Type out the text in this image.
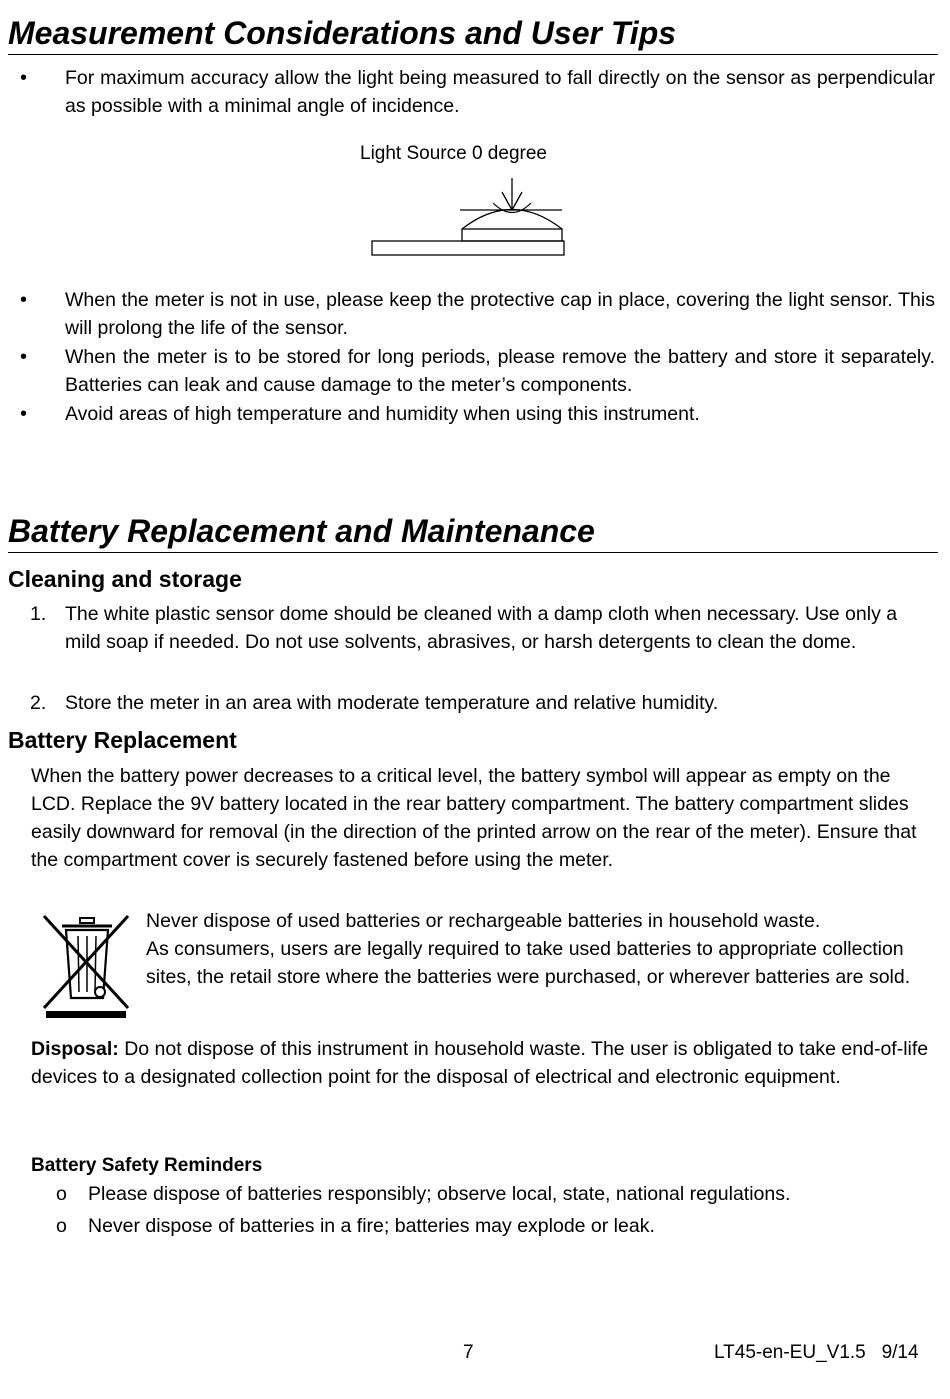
Measurement Considerations and User Tips
• For maximum accuracy allow the light being measured to fall directly on the sensor as perpendicular as possible with a minimal angle of incidence.
Light Source 0 degree
• When the meter is not in use, please keep the protective cap in place, covering the light sensor. This will prolong the life of the sensor.
• When the meter is to be stored for long periods, please remove the battery and store it separately. Batteries can leak and cause damage to the meter’s components.
• Avoid areas of high temperature and humidity when using this instrument.
Battery Replacement and Maintenance
Cleaning and storage
1. The white plastic sensor dome should be cleaned with a damp cloth when necessary. Use only a mild soap if needed. Do not use solvents, abrasives, or harsh detergents to clean the dome.
2. Store the meter in an area with moderate temperature and relative humidity.
Battery Replacement
When the battery power decreases to a critical level, the battery symbol will appear as empty on the LCD. Replace the 9V battery located in the rear battery compartment. The battery compartment slides easily downward for removal (in the direction of the printed arrow on the rear of the meter). Ensure that the compartment cover is securely fastened before using the meter.
Never dispose of used batteries or rechargeable batteries in household waste.
As consumers, users are legally required to take used batteries to appropriate collection sites, the retail store where the batteries were purchased, or wherever batteries are sold.
Disposal: Do not dispose of this instrument in household waste. The user is obligated to take end-of-life devices to a designated collection point for the disposal of electrical and electronic equipment.
Battery Safety Reminders
o Please dispose of batteries responsibly; observe local, state, national regulations.
o Never dispose of batteries in a fire; batteries may explode or leak.
7	LT45-en-EU_V1.5   9/14
